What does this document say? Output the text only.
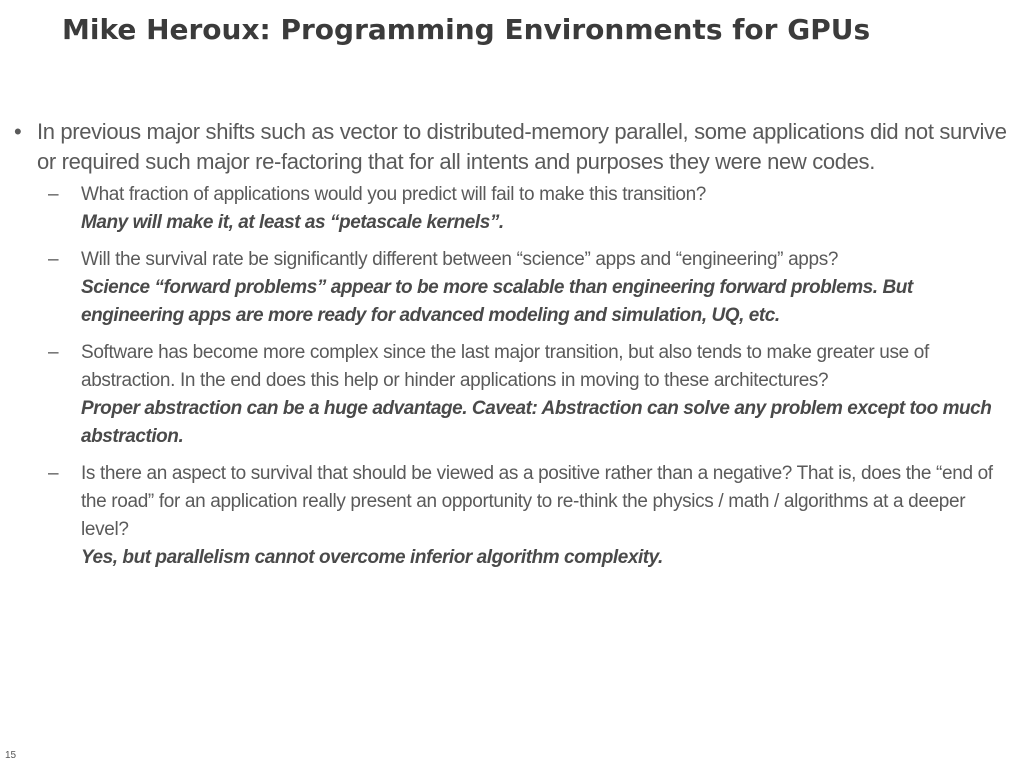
Mike Heroux: Programming Environments for GPUs
• In previous major shifts such as vector to distributed-memory parallel, some applications did not survive or required such major re-factoring that for all intents and purposes they were new codes.
– What fraction of applications would you predict will fail to make this transition?
Many will make it, at least as “petascale kernels”.
– Will the survival rate be significantly different between “science” apps and “engineering” apps?
Science “forward problems” appear to be more scalable than engineering forward problems. But engineering apps are more ready for advanced modeling and simulation, UQ, etc.
– Software has become more complex since the last major transition, but also tends to make greater use of abstraction. In the end does this help or hinder applications in moving to these architectures?
Proper abstraction can be a huge advantage. Caveat: Abstraction can solve any problem except too much abstraction.
– Is there an aspect to survival that should be viewed as a positive rather than a negative? That is, does the “end of the road” for an application really present an opportunity to re-think the physics / math / algorithms at a deeper level?
Yes, but parallelism cannot overcome inferior algorithm complexity.
15
